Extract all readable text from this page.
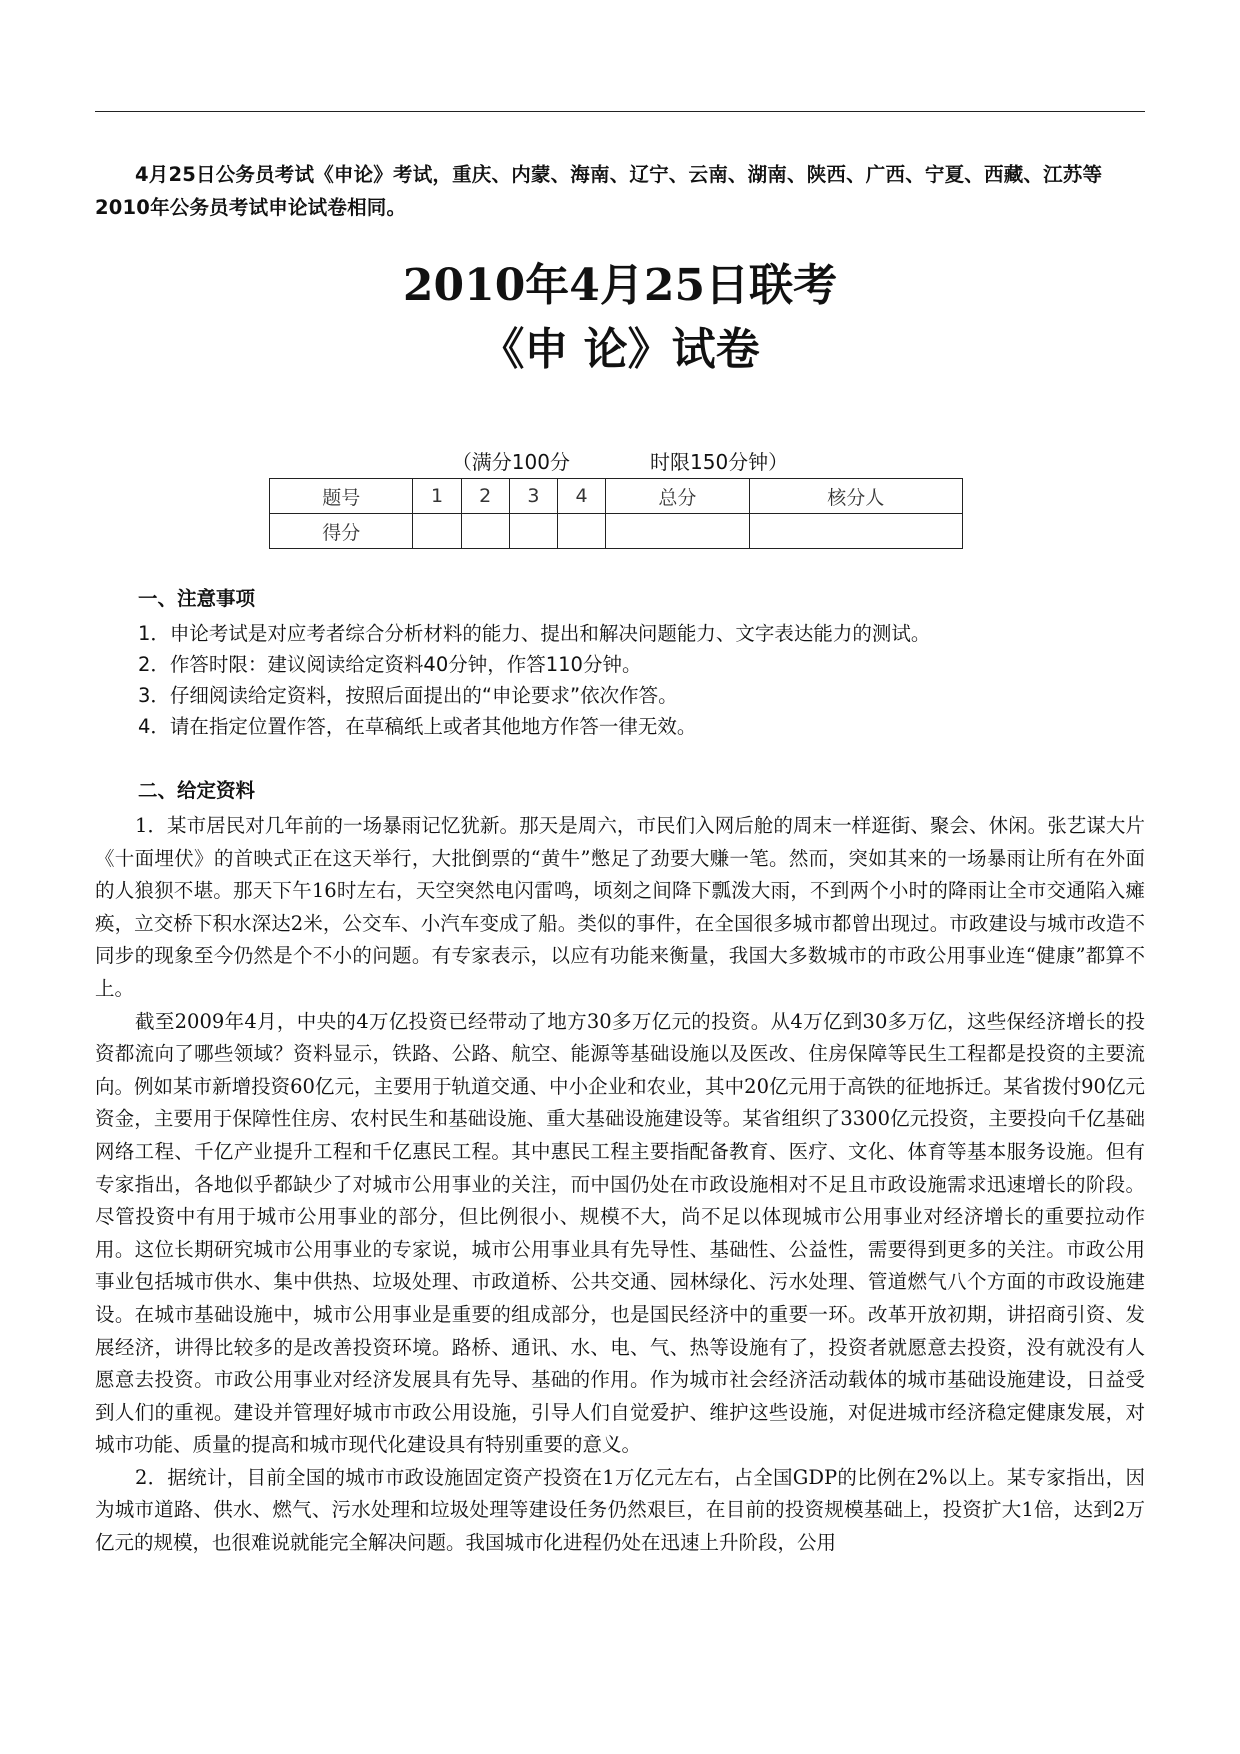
4月25日公务员考试《申论》考试，重庆、内蒙、海南、辽宁、云南、湖南、陕西、广西、宁夏、西藏、江苏等2010年公务员考试申论试卷相同。
2010年4月25日联考
《申 论》试卷
（满分100分	时限150分钟）
题号	1	2	3	4	总分	核分人
得分						
一、注意事项
1．申论考试是对应考者综合分析材料的能力、提出和解决问题能力、文字表达能力的测试。
2．作答时限：建议阅读给定资料40分钟，作答110分钟。
3．仔细阅读给定资料，按照后面提出的“申论要求”依次作答。
4．请在指定位置作答，在草稿纸上或者其他地方作答一律无效。
二、给定资料

1．某市居民对几年前的一场暴雨记忆犹新。那天是周六，市民们入网后舱的周末一样逛街、聚会、休闲。张艺谋大片《十面埋伏》的首映式正在这天举行，大批倒票的“黄牛”憋足了劲要大赚一笔。然而，突如其来的一场暴雨让所有在外面的人狼狈不堪。那天下午16时左右，天空突然电闪雷鸣，顷刻之间降下瓢泼大雨，不到两个小时的降雨让全市交通陷入瘫痪，立交桥下积水深达2米，公交车、小汽车变成了船。类似的事件，在全国很多城市都曾出现过。市政建设与城市改造不同步的现象至今仍然是个不小的问题。有专家表示，以应有功能来衡量，我国大多数城市的市政公用事业连“健康”都算不上。

截至2009年4月，中央的4万亿投资已经带动了地方30多万亿元的投资。从4万亿到30多万亿，这些保经济增长的投资都流向了哪些领域？资料显示，铁路、公路、航空、能源等基础设施以及医改、住房保障等民生工程都是投资的主要流向。例如某市新增投资60亿元，主要用于轨道交通、中小企业和农业，其中20亿元用于高铁的征地拆迁。某省拨付90亿元资金，主要用于保障性住房、农村民生和基础设施、重大基础设施建设等。某省组织了3300亿元投资，主要投向千亿基础网络工程、千亿产业提升工程和千亿惠民工程。其中惠民工程主要指配备教育、医疗、文化、体育等基本服务设施。但有专家指出，各地似乎都缺少了对城市公用事业的关注，而中国仍处在市政设施相对不足且市政设施需求迅速增长的阶段。尽管投资中有用于城市公用事业的部分，但比例很小、规模不大，尚不足以体现城市公用事业对经济增长的重要拉动作用。这位长期研究城市公用事业的专家说，城市公用事业具有先导性、基础性、公益性，需要得到更多的关注。市政公用事业包括城市供水、集中供热、垃圾处理、市政道桥、公共交通、园林绿化、污水处理、管道燃气八个方面的市政设施建设。在城市基础设施中，城市公用事业是重要的组成部分，也是国民经济中的重要一环。改革开放初期，讲招商引资、发展经济，讲得比较多的是改善投资环境。路桥、通讯、水、电、气、热等设施有了，投资者就愿意去投资，没有就没有人愿意去投资。市政公用事业对经济发展具有先导、基础的作用。作为城市社会经济活动载体的城市基础设施建设，日益受到人们的重视。建设并管理好城市市政公用设施，引导人们自觉爱护、维护这些设施，对促进城市经济稳定健康发展，对城市功能、质量的提高和城市现代化建设具有特别重要的意义。

2．据统计，目前全国的城市市政设施固定资产投资在1万亿元左右，占全国GDP的比例在2%以上。某专家指出，因为城市道路、供水、燃气、污水处理和垃圾处理等建设任务仍然艰巨，在目前的投资规模基础上，投资扩大1倍，达到2万亿元的规模，也很难说就能完全解决问题。我国城市化进程仍处在迅速上升阶段，公用
